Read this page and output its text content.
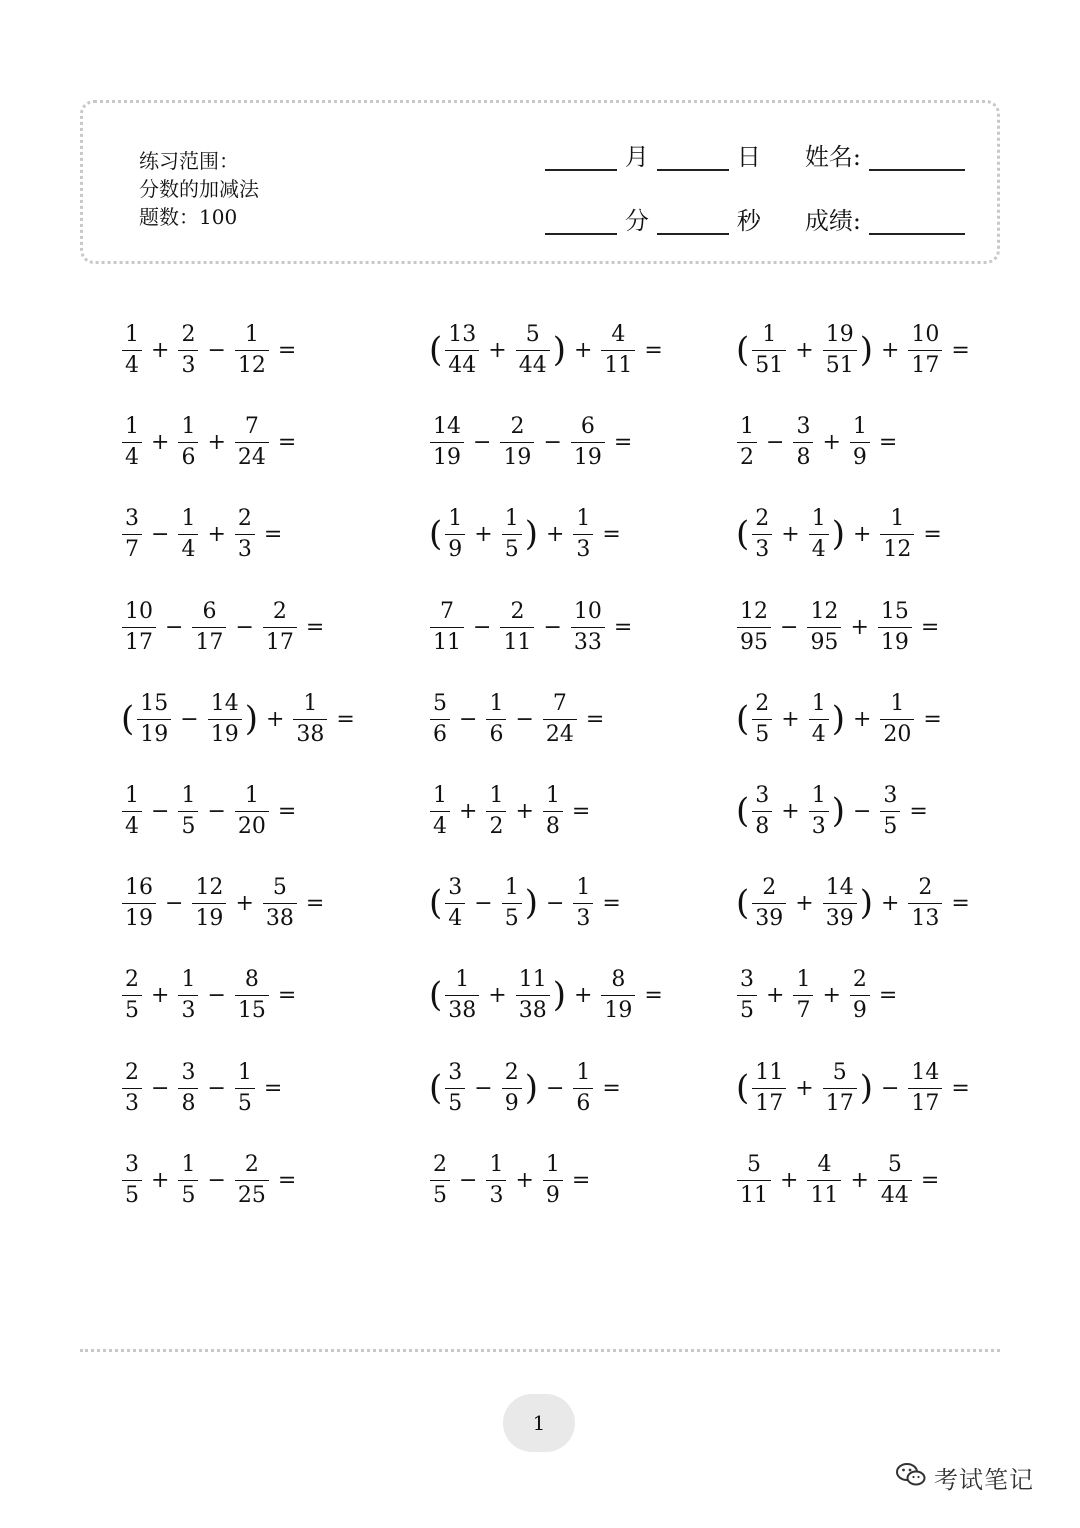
练习范围：
分数的加减法
题数：100
月	日 姓名:
分	秒 成绩:
$\frac{1}{4} + \frac{2}{3} - \frac{1}{12}$ =	( $\frac{13}{44} + \frac{5}{44}$ ) + $\frac{4}{11}$ = ( $\frac{1}{51} + \frac{19}{51}$ ) + $\frac{10}{17}$ =
$\frac{1}{4} + \frac{1}{6} + \frac{7}{24}$ =	$\frac{14}{19} - \frac{2}{19} - \frac{6}{19}$ =	$\frac{1}{2} - \frac{3}{8} + \frac{1}{9}$ =
$\frac{3}{7} - \frac{1}{4} + \frac{2}{3}$ =	( $\frac{1}{9} + \frac{1}{5}$ ) + $\frac{1}{3}$ =	( $\frac{2}{3} + \frac{1}{4}$ ) + $\frac{1}{12}$ =
$\frac{10}{17} - \frac{6}{17} - \frac{2}{17}$ =	$\frac{7}{11} - \frac{2}{11} - \frac{10}{33}$ =	$\frac{12}{95} - \frac{12}{95} + \frac{15}{19}$ =
( $\frac{15}{19} - \frac{14}{19}$ ) + $\frac{1}{38}$ =	$\frac{5}{6} - \frac{1}{6} - \frac{7}{24}$ =	( $\frac{2}{5} + \frac{1}{4}$ ) + $\frac{1}{20}$ =
$\frac{1}{4} - \frac{1}{5} - \frac{1}{20}$ =	$\frac{1}{4} + \frac{1}{2} + \frac{1}{8}$ =	( $\frac{3}{8} + \frac{1}{3}$ ) − $\frac{3}{5}$ =
$\frac{16}{19} - \frac{12}{19} + \frac{5}{38}$ =	( $\frac{3}{4} - \frac{1}{5}$ ) − $\frac{1}{3}$ =	( $\frac{2}{39} + \frac{14}{39}$ ) + $\frac{2}{13}$ =
$\frac{2}{5} + \frac{1}{3} - \frac{8}{15}$ =	( $\frac{1}{38} + \frac{11}{38}$ ) + $\frac{8}{19}$ =	$\frac{3}{5} + \frac{1}{7} + \frac{2}{9}$ =
$\frac{2}{3} - \frac{3}{8} - \frac{1}{5}$ =	( $\frac{3}{5} - \frac{2}{9}$ ) − $\frac{1}{6}$ =	( $\frac{11}{17} + \frac{5}{17}$ ) − $\frac{14}{17}$ =
$\frac{3}{5} + \frac{1}{5} - \frac{2}{25}$ =	$\frac{2}{5} - \frac{1}{3} + \frac{1}{9}$ =	$\frac{5}{11} + \frac{4}{11} + \frac{5}{44}$ =
1
考试笔记
